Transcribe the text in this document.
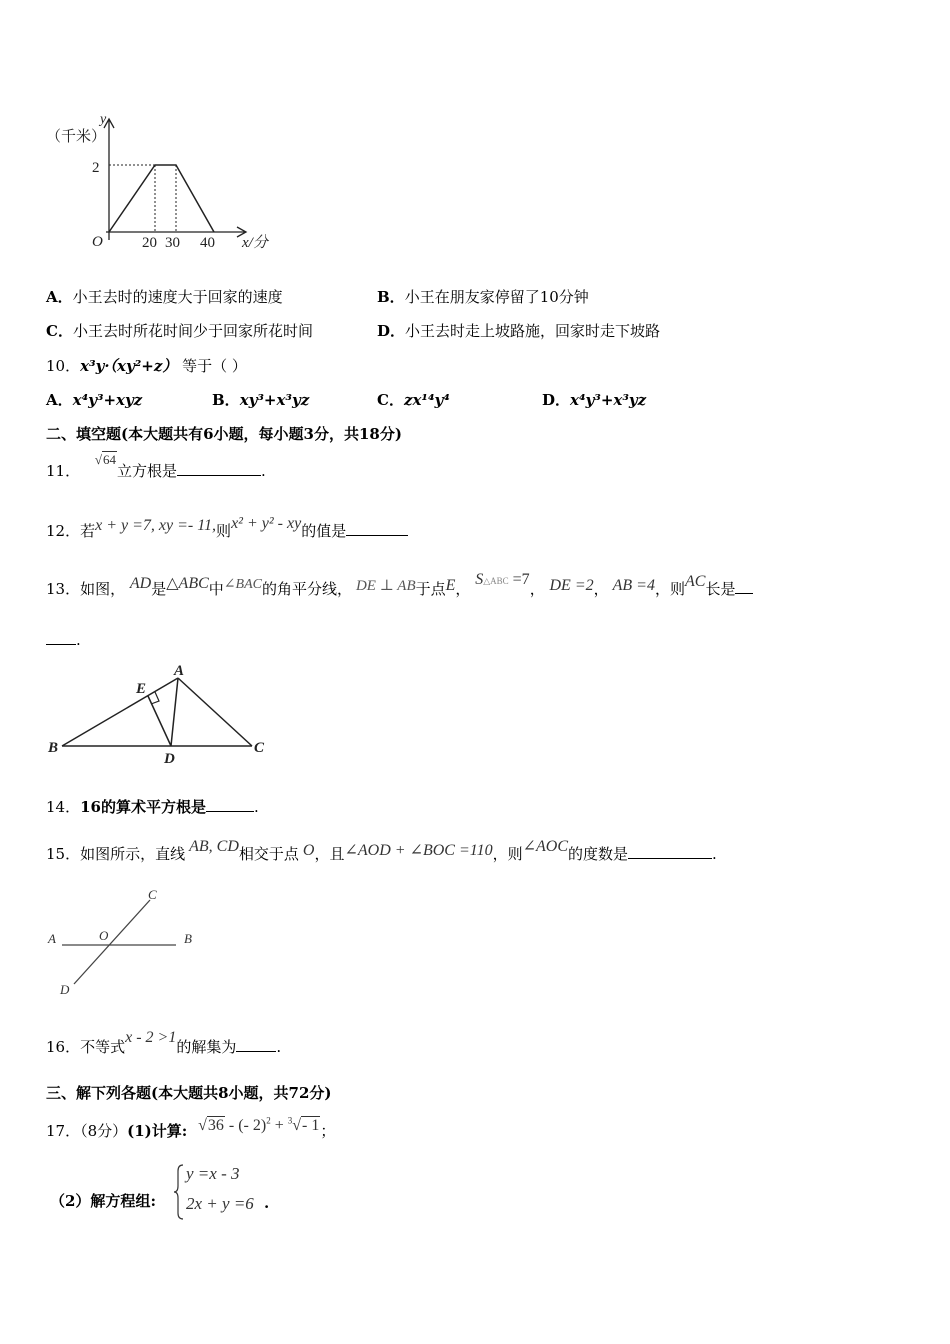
（千米）
y
2
O	20 30 40 x/分
A．小王去时的速度大于回家的速度	B．小王在朋友家停留了10分钟
C．小王去时所花时间少于回家所花时间	D．小王去时走上坡路施，回家时走下坡路
10．x³y·（xy²+z） 等于（ ）
A．x⁴y³+xyz	B．xy³+x³yz	C．zx¹⁴y⁴	D．x⁴y³+x³yz
二、填空题(本大题共有6小题，每小题3分，共18分)
11． √64立方根是	.
12．若x + y =7, xy =- 11,则x² + y² - xy的值是
13．如图， AD是△ABC中∠BAC的角平分线， DE ⊥ AB于点E， S△ABC =7， DE =2， AB =4，则AC长是
.
A
B	C
D
E
14．16的算术平方根是	.
15．如图所示，直线 AB, CD相交于点 O，且∠AOD + ∠BOC =110，则∠AOC的度数是	.
A	B
C
D
O
16．不等式x - 2 >1的解集为	.
三、解下列各题(本大题共8小题，共72分)
17．（8分）(1)计算: √36 - (- 2)$^2$ + $^3$√- 1；
（2）解方程组:
y =x - 3
2x + y =6 .
